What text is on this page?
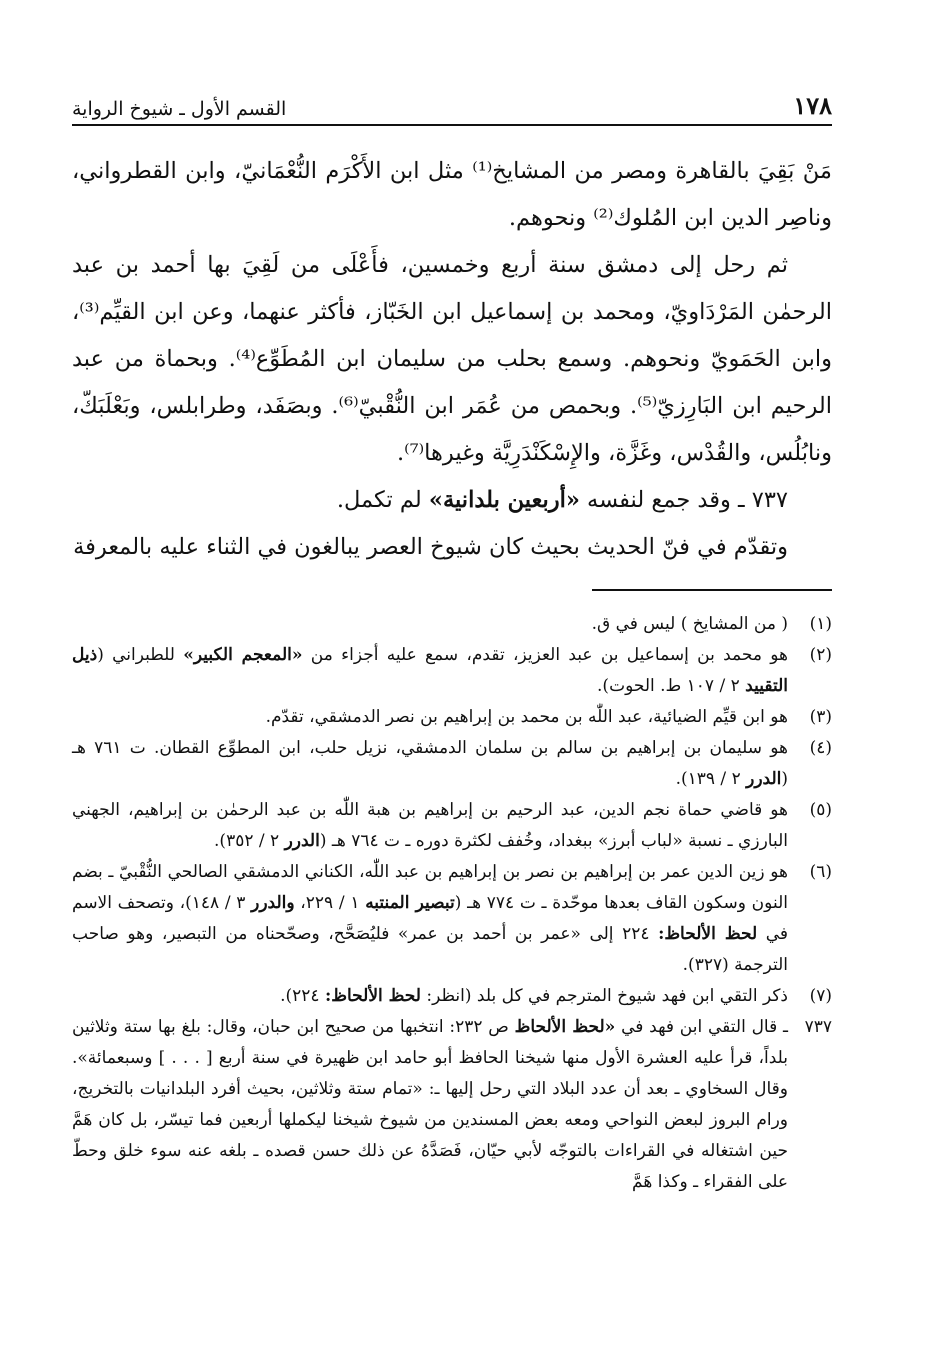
١٧٨
القسم الأول ـ شيوخ الرواية

مَنْ بَقِيَ بالقاهرة ومصر من المشايخ⁽¹⁾ مثل ابن الأَكْرَم النُّعْمَانيّ، وابن القطرواني، وناصِر الدين ابن المُلوك⁽²⁾ ونحوهم.

ثم رحل إلى دمشق سنة أربع وخمسين، فأَعْلَى من لَقِيَ بها أحمد بن عبد الرحمٰن المَرْدَاويّ، ومحمد بن إسماعيل ابن الخَبّاز، فأكثر عنهما، وعن ابن القيِّم⁽³⁾، وابن الحَمَويّ ونحوهم. وسمع بحلب من سليمان ابن المُطَوِّع⁽⁴⁾. وبحماة من عبد الرحيم ابن البَارِزيّ⁽⁵⁾. وبحمص من عُمَر ابن النُّقْبيّ⁽⁶⁾. وبصَفَد، وطرابلس، وبَعْلَبَكّ، ونابُلُس، والقُدْس، وغَزَّة، والإِسْكَنْدَرِيَّة وغيرها⁽⁷⁾.

٧٣٧ ـ وقد جمع لنفسه «أربعين بلدانية» لم تكمل.

وتقدّم في فنّ الحديث بحيث كان شيوخ العصر يبالغون في الثناء عليه بالمعرفة

(١)
( من المشايخ ) ليس في ق.
(٢)
هو محمد بن إسماعيل بن عبد العزيز، تقدم، سمع عليه أجزاء من «المعجم الكبير» للطبراني (ذيل التقييد ٢ / ١٠٧ ط. الحوت).
(٣)
هو ابن قيِّم الضيائية، عبد اللّٰه بن محمد بن إبراهيم بن نصر الدمشقي، تقدّم.
(٤)
هو سليمان بن إبراهيم بن سالم بن سلمان الدمشقي، نزيل حلب، ابن المطوِّع القطان. ت ٧٦١ هـ (الدرر ٢ / ١٣٩).
(٥)
هو قاضي حماة نجم الدين، عبد الرحيم بن إبراهيم بن هبة اللّٰه بن عبد الرحمٰن بن إبراهيم، الجهني البارزي ـ نسبة «لباب أبرز» ببغداد، وخُفف لكثرة دوره ـ ت ٧٦٤ هـ (الدرر ٢ / ٣٥٢).
(٦)
هو زين الدين عمر بن إبراهيم بن نصر بن إبراهيم بن عبد اللّٰه، الكناني الدمشقي الصالحي النُّقْبيّ ـ بضم النون وسكون القاف بعدها موحّدة ـ ت ٧٧٤ هـ (تبصير المنتبه ١ / ٢٢٩، والدرر ٣ / ١٤٨)، وتصحف الاسم في لحظ الألحاظ: ٢٢٤ إلى «عمر بن أحمد بن عمر» فليُصَحَّح، وصحّحناه من التبصير، وهو صاحب الترجمة (٣٢٧).
(٧)
ذكر التقي ابن فهد شيوخ المترجم في كل بلد (انظر: لحظ الألحاظ: ٢٢٤).
٧٣٧
ـ قال التقي ابن فهد في «لحظ الألحاظ ص ٢٣٢: انتخبها من صحيح ابن حبان، وقال: بلغ بها ستة وثلاثين بلداً، قرأ عليه العشرة الأول منها شيخنا الحافظ أبو حامد ابن ظهيرة في سنة أربع [ . . . ] وسبعمائة». وقال السخاوي ـ بعد أن عدد البلاد التي رحل إليها ـ: «تمام ستة وثلاثين، بحيث أفرد البلدانيات بالتخريج، ورام البروز لبعض النواحي ومعه بعض المسندين من شيوخ شيخنا ليكملها أربعين فما تيسّر، بل كان هَمَّ حين اشتغاله في القراءات بالتوجّه لأبي حيّان، فَصَدَّهُ عن ذلك حسن قصده ـ بلغه عنه سوء خلق وحطّ على الفقراء ـ وكذا هَمَّ
